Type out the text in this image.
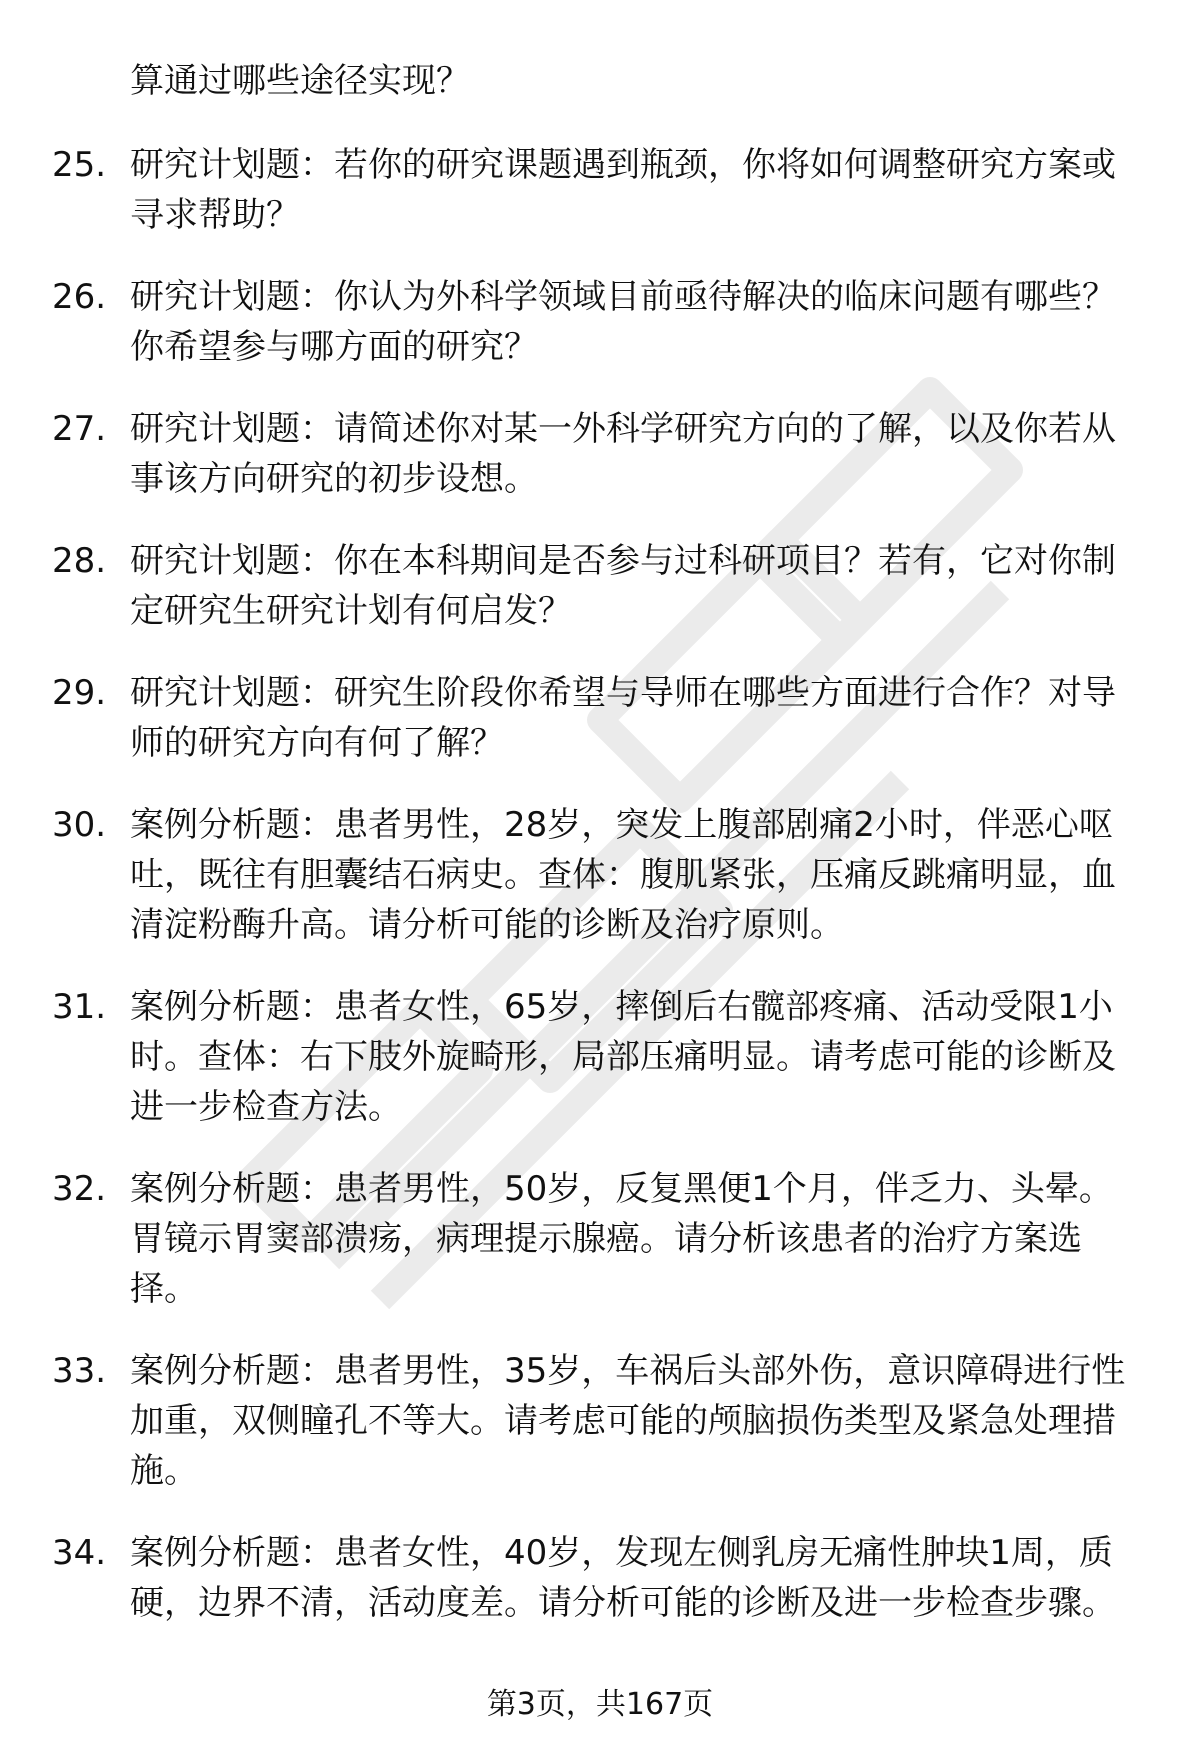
算通过哪些途径实现？
25. 研究计划题：若你的研究课题遇到瓶颈，你将如何调整研究方案或寻求帮助？
26. 研究计划题：你认为外科学领域目前亟待解决的临床问题有哪些？你希望参与哪方面的研究？
27. 研究计划题：请简述你对某一外科学研究方向的了解，以及你若从事该方向研究的初步设想。
28. 研究计划题：你在本科期间是否参与过科研项目？若有，它对你制定研究生研究计划有何启发？
29. 研究计划题：研究生阶段你希望与导师在哪些方面进行合作？对导师的研究方向有何了解？
30. 案例分析题：患者男性，28岁，突发上腹部剧痛2小时，伴恶心呕吐，既往有胆囊结石病史。查体：腹肌紧张，压痛反跳痛明显，血清淀粉酶升高。请分析可能的诊断及治疗原则。
31. 案例分析题：患者女性，65岁，摔倒后右髋部疼痛、活动受限1小时。查体：右下肢外旋畸形，局部压痛明显。请考虑可能的诊断及进一步检查方法。
32. 案例分析题：患者男性，50岁，反复黑便1个月，伴乏力、头晕。胃镜示胃窦部溃疡，病理提示腺癌。请分析该患者的治疗方案选择。
33. 案例分析题：患者男性，35岁，车祸后头部外伤，意识障碍进行性加重，双侧瞳孔不等大。请考虑可能的颅脑损伤类型及紧急处理措施。
34. 案例分析题：患者女性，40岁，发现左侧乳房无痛性肿块1周，质硬，边界不清，活动度差。请分析可能的诊断及进一步检查步骤。
第3页，共167页
